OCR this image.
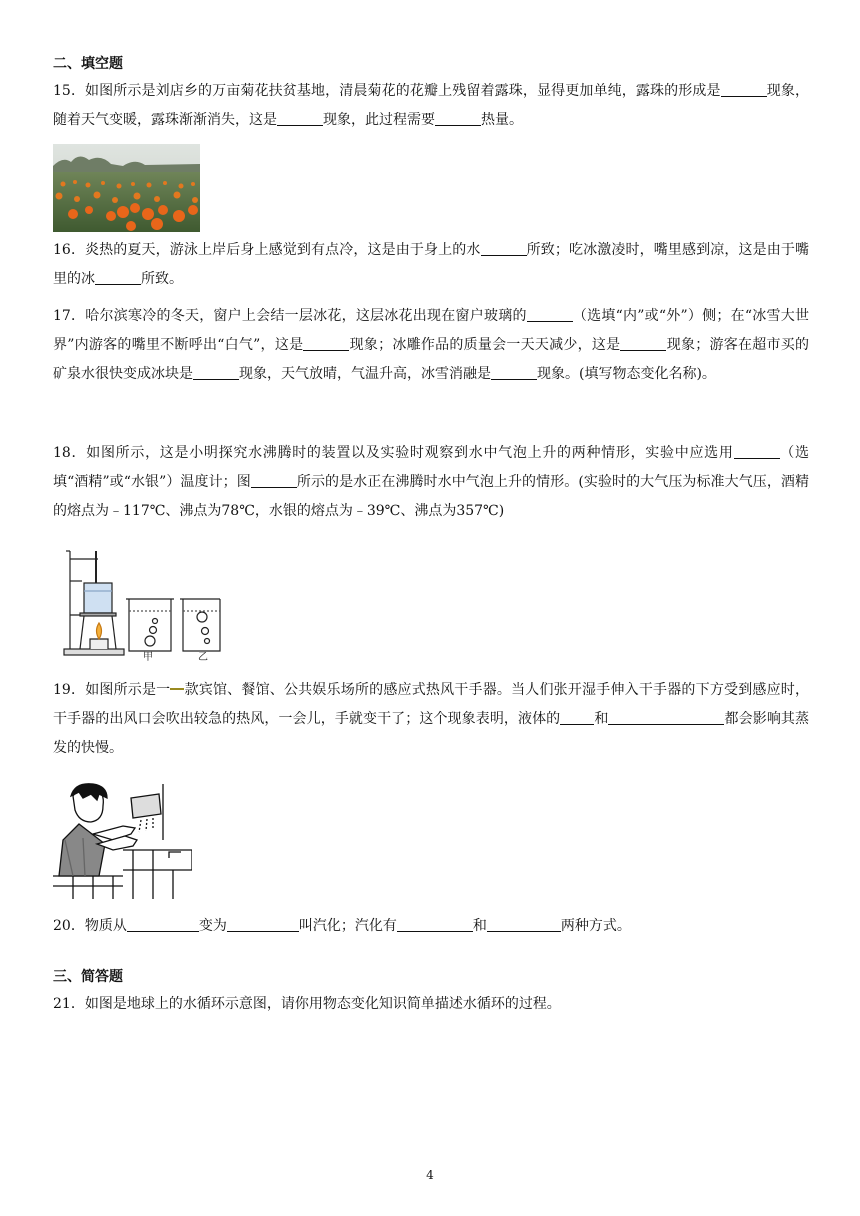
二、填空题
15．如图所示是刘店乡的万亩菊花扶贫基地，清晨菊花的花瓣上残留着露珠，显得更加单纯，露珠的形成是	现象，随着天气变暖，露珠渐渐消失，这是	现象，此过程需要	热量。
16．炎热的夏天，游泳上岸后身上感觉到有点冷，这是由于身上的水	所致；吃冰激凌时，嘴里感到凉，这是由于嘴里的冰	所致。
17．哈尔滨寒冷的冬天，窗户上会结一层冰花，这层冰花出现在窗户玻璃的	（选填“内”或“外”）侧；在“冰雪大世界”内游客的嘴里不断呼出“白气”，这是	现象；冰雕作品的质量会一天天减少，这是	现象；游客在超市买的矿泉水很快变成冰块是	现象，天气放晴，气温升高，冰雪消融是	现象。(填写物态变化名称)。
18．如图所示，这是小明探究水沸腾时的装置以及实验时观察到水中气泡上升的两种情形，实验中应选用	（选填“酒精”或“水银”）温度计；图	所示的是水正在沸腾时水中气泡上升的情形。(实验时的大气压为标准大气压，酒精的熔点为﹣117℃、沸点为78℃，水银的熔点为﹣39℃、沸点为357℃)
甲	乙
19．如图所示是一 款宾馆、餐馆、公共娱乐场所的感应式热风干手器。当人们张开湿手伸入干手器的下方受到感应时，干手器的出风口会吹出较急的热风，一会儿，手就变干了；这个现象表明，液体的 和	都会影响其蒸发的快慢。
20．物质从	变为	叫汽化；汽化有	和	两种方式。
三、简答题
21．如图是地球上的水循环示意图，请你用物态变化知识简单描述水循环的过程。
4
